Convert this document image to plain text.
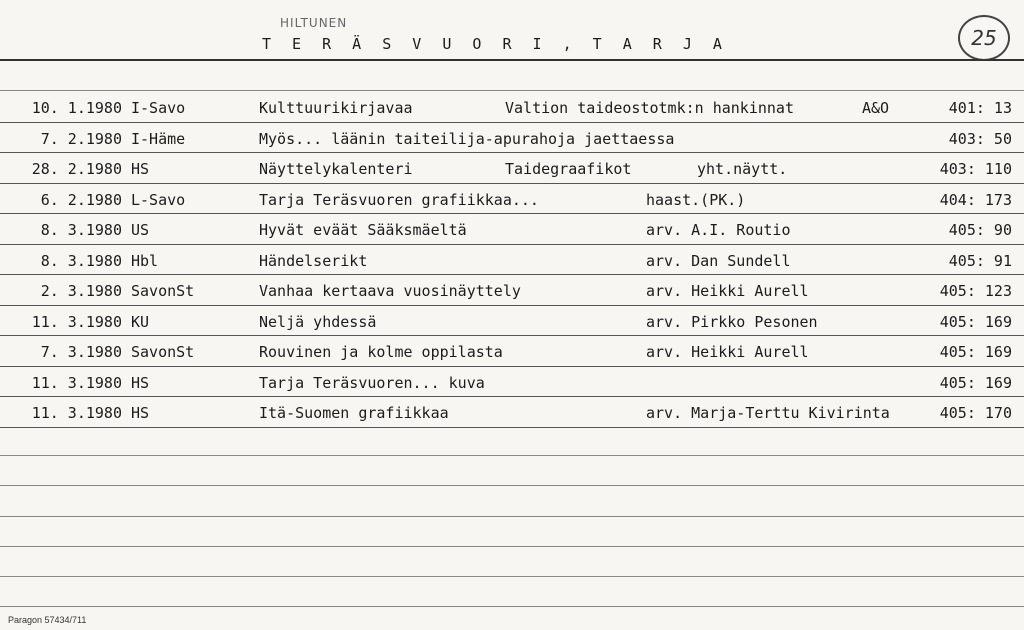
HILTUNEN
T E R Ä S V U O R I , T A R J A	25
10. 1.1980 I-Savo	Kulttuurikirjavaa	Valtion taideostotmk:n hankinnat	A&O	401: 13
7. 2.1980 I-Häme	Myös... läänin taiteilija-apurahoja jaettaessa	403: 50
28. 2.1980 HS	Näyttelykalenteri	Taidegraafikot	yht.näytt.	403: 110
6. 2.1980 L-Savo	Tarja Teräsvuoren grafiikkaa...	haast.(PK.)	404: 173
8. 3.1980 US	Hyvät eväät Sääksmäeltä	arv. A.I. Routio	405: 90
8. 3.1980 Hbl	Händelserikt	arv. Dan Sundell	405: 91
2. 3.1980 SavonSt	Vanhaa kertaava vuosinäyttely	arv. Heikki Aurell	405: 123
11. 3.1980 KU	Neljä yhdessä	arv. Pirkko Pesonen	405: 169
7. 3.1980 SavonSt	Rouvinen ja kolme oppilasta	arv. Heikki Aurell	405: 169
11. 3.1980 HS	Tarja Teräsvuoren... kuva	405: 169
11. 3.1980 HS	Itä-Suomen grafiikkaa	arv. Marja-Terttu Kivirinta	405: 170
Paragon 57434/711
